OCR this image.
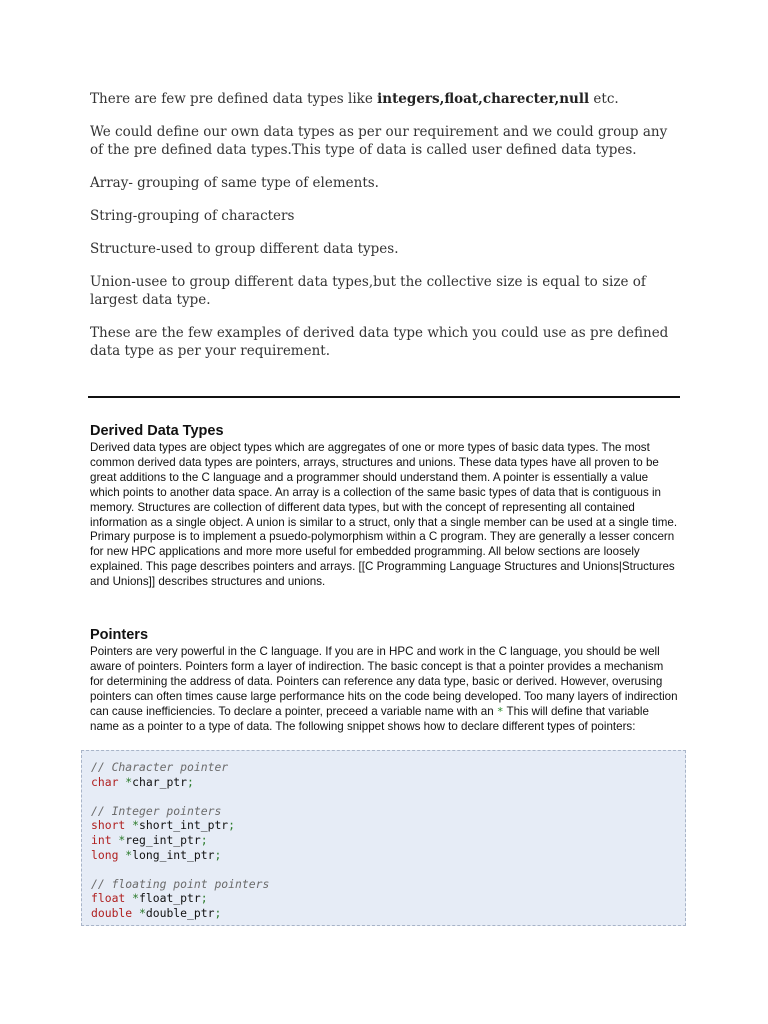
There are few pre defined data types like integers,float,charecter,null etc.

We could define our own data types as per our requirement and we could group any of the pre defined data types.This type of data is called user defined data types.

Array- grouping of same type of elements.

String-grouping of characters

Structure-used to group different data types.

Union-usee to group different data types,but the collective size is equal to size of largest data type.

These are the few examples of derived data type which you could use as pre defined data type as per your requirement.

Derived Data Types

Derived data types are object types which are aggregates of one or more types of basic data types. The most common derived data types are pointers, arrays, structures and unions. These data types have all proven to be great additions to the C language and a programmer should understand them. A pointer is essentially a value which points to another data space. An array is a collection of the same basic types of data that is contiguous in memory. Structures are collection of different data types, but with the concept of representing all contained information as a single object. A union is similar to a struct, only that a single member can be used at a single time. Primary purpose is to implement a psuedo-polymorphism within a C program. They are generally a lesser concern for new HPC applications and more more useful for embedded programming. All below sections are loosely explained. This page describes pointers and arrays. [[C Programming Language Structures and Unions|Structures and Unions]] describes structures and unions.

Pointers

Pointers are very powerful in the C language. If you are in HPC and work in the C language, you should be well aware of pointers. Pointers form a layer of indirection. The basic concept is that a pointer provides a mechanism for determining the address of data. Pointers can reference any data type, basic or derived. However, overusing pointers can often times cause large performance hits on the code being developed. Too many layers of indirection can cause inefficiencies. To declare a pointer, preceed a variable name with an * This will define that variable name as a pointer to a type of data. The following snippet shows how to declare different types of pointers:

// Character pointer
char *char_ptr;
// Integer pointers
short *short_int_ptr;
int *reg_int_ptr;
long *long_int_ptr;
// floating point pointers
float *float_ptr;
double *double_ptr;
